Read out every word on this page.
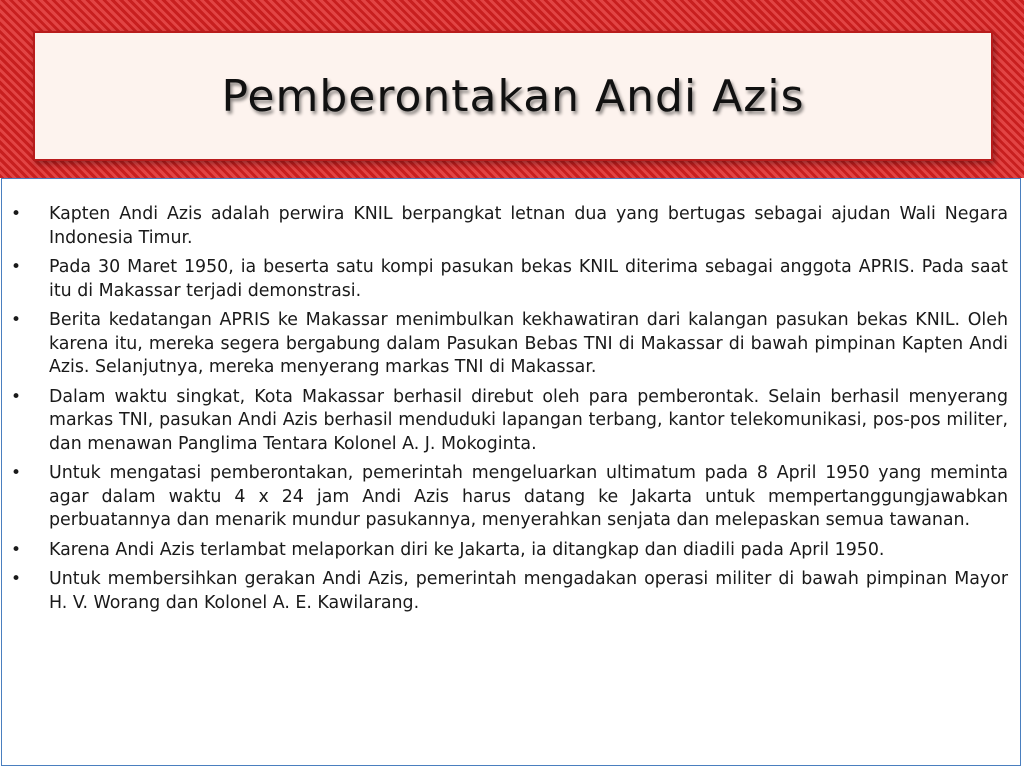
Pemberontakan Andi Azis
• Kapten Andi Azis adalah perwira KNIL berpangkat letnan dua yang bertugas sebagai ajudan Wali Negara Indonesia Timur.
• Pada 30 Maret 1950, ia beserta satu kompi pasukan bekas KNIL diterima sebagai anggota APRIS. Pada saat itu di Makassar terjadi demonstrasi.
• Berita kedatangan APRIS ke Makassar menimbulkan kekhawatiran dari kalangan pasukan bekas KNIL. Oleh karena itu, mereka segera bergabung dalam Pasukan Bebas TNI di Makassar di bawah pimpinan Kapten Andi Azis. Selanjutnya, mereka menyerang markas TNI di Makassar.
• Dalam waktu singkat, Kota Makassar berhasil direbut oleh para pemberontak. Selain berhasil menyerang markas TNI, pasukan Andi Azis berhasil menduduki lapangan terbang, kantor telekomunikasi, pos-pos militer, dan menawan Panglima Tentara Kolonel A. J. Mokoginta.
• Untuk mengatasi pemberontakan, pemerintah mengeluarkan ultimatum pada 8 April 1950 yang meminta agar dalam waktu 4 x 24 jam Andi Azis harus datang ke Jakarta untuk mempertanggungjawabkan perbuatannya dan menarik mundur pasukannya, menyerahkan senjata dan melepaskan semua tawanan.
• Karena Andi Azis terlambat melaporkan diri ke Jakarta, ia ditangkap dan diadili pada April 1950.
• Untuk membersihkan gerakan Andi Azis, pemerintah mengadakan operasi militer di bawah pimpinan Mayor H. V. Worang dan Kolonel A. E. Kawilarang.
